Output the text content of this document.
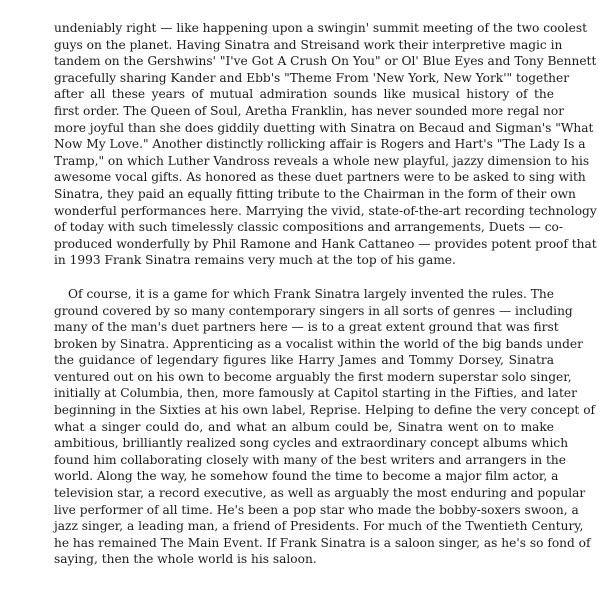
undeniably right — like happening upon a swingin' summit meeting of the two coolest
guys on the planet. Having Sinatra and Streisand work their interpretive magic in
tandem on the Gershwins' "I've Got A Crush On You" or Ol' Blue Eyes and Tony Bennett
gracefully sharing Kander and Ebb's "Theme From 'New York, New York'" together
after all these years of mutual admiration sounds like musical history of the
first order. The Queen of Soul, Aretha Franklin, has never sounded more regal nor
more joyful than she does giddily duetting with Sinatra on Becaud and Sigman's "What
Now My Love." Another distinctly rollicking affair is Rogers and Hart's "The Lady Is a
Tramp," on which Luther Vandross reveals a whole new playful, jazzy dimension to his
awesome vocal gifts. As honored as these duet partners were to be asked to sing with
Sinatra, they paid an equally fitting tribute to the Chairman in the form of their own
wonderful performances here. Marrying the vivid, state-of-the-art recording technology
of today with such timelessly classic compositions and arrangements, Duets — co-
produced wonderfully by Phil Ramone and Hank Cattaneo — provides potent proof that
in 1993 Frank Sinatra remains very much at the top of his game.
Of course, it is a game for which Frank Sinatra largely invented the rules. The
ground covered by so many contemporary singers in all sorts of genres — including
many of the man's duet partners here — is to a great extent ground that was first
broken by Sinatra. Apprenticing as a vocalist within the world of the big bands under
the guidance of legendary figures like Harry James and Tommy Dorsey, Sinatra
ventured out on his own to become arguably the first modern superstar solo singer,
initially at Columbia, then, more famously at Capitol starting in the Fifties, and later
beginning in the Sixties at his own label, Reprise. Helping to define the very concept of
what a singer could do, and what an album could be, Sinatra went on to make
ambitious, brilliantly realized song cycles and extraordinary concept albums which
found him collaborating closely with many of the best writers and arrangers in the
world. Along the way, he somehow found the time to become a major film actor, a
television star, a record executive, as well as arguably the most enduring and popular
live performer of all time. He's been a pop star who made the bobby-soxers swoon, a
jazz singer, a leading man, a friend of Presidents. For much of the Twentieth Century,
he has remained The Main Event. If Frank Sinatra is a saloon singer, as he's so fond of
saying, then the whole world is his saloon.
